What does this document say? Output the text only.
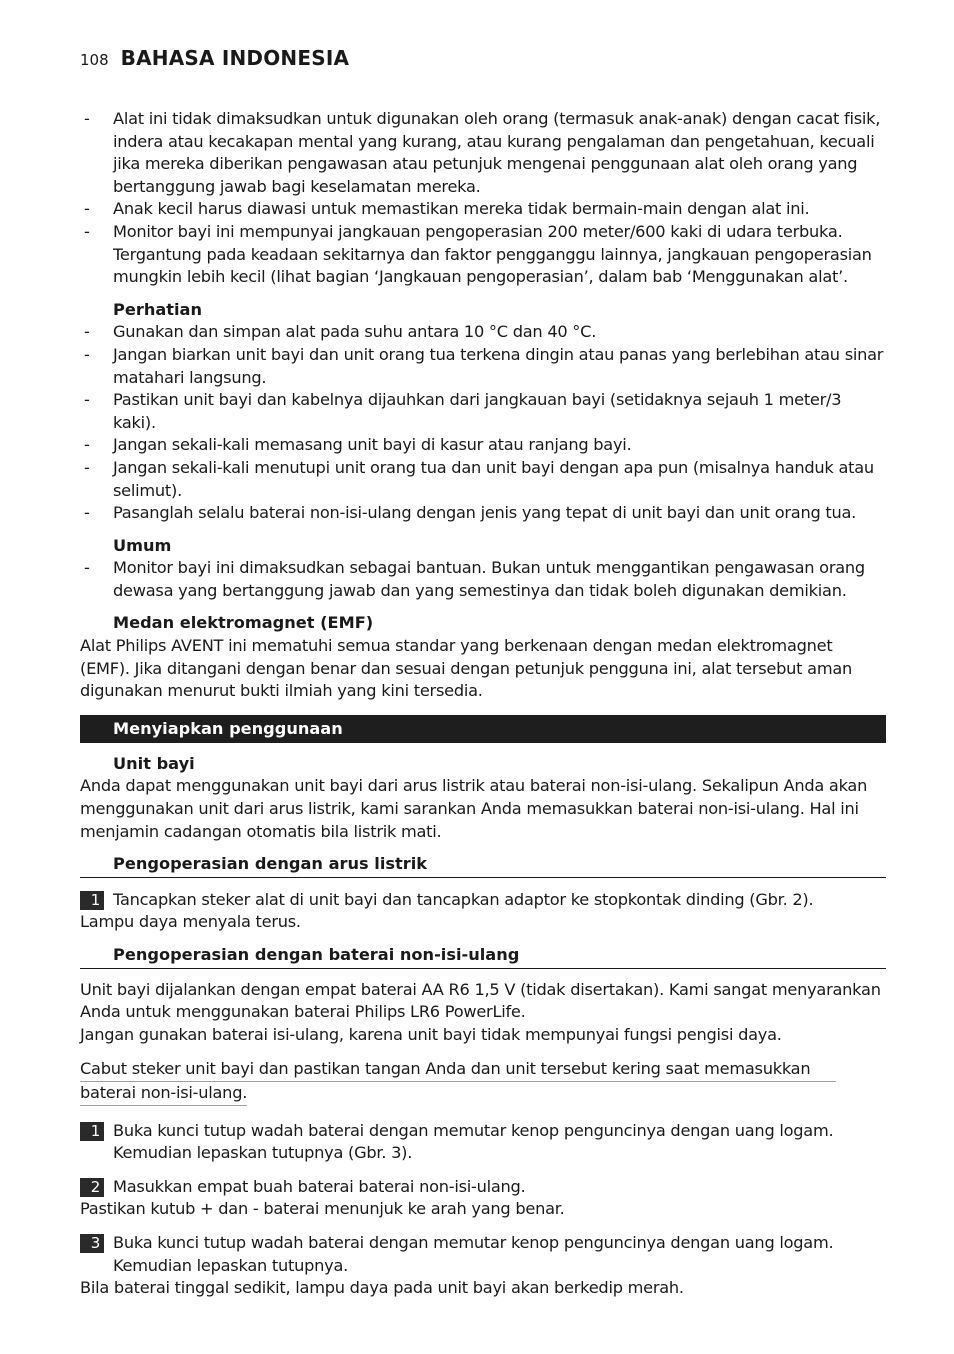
108 BAHASA INDONESIA
-	Alat ini tidak dimaksudkan untuk digunakan oleh orang (termasuk anak-anak) dengan cacat fisik, indera atau kecakapan mental yang kurang, atau kurang pengalaman dan pengetahuan, kecuali jika mereka diberikan pengawasan atau petunjuk mengenai penggunaan alat oleh orang yang bertanggung jawab bagi keselamatan mereka.
-	Anak kecil harus diawasi untuk memastikan mereka tidak bermain-main dengan alat ini.
-	Monitor bayi ini mempunyai jangkauan pengoperasian 200 meter/600 kaki di udara terbuka. Tergantung pada keadaan sekitarnya dan faktor pengganggu lainnya, jangkauan pengoperasian mungkin lebih kecil (lihat bagian ‘Jangkauan pengoperasian’, dalam bab ‘Menggunakan alat’.

Perhatian

-	Gunakan dan simpan alat pada suhu antara 10 °C dan 40 °C.
-	Jangan biarkan unit bayi dan unit orang tua terkena dingin atau panas yang berlebihan atau sinar matahari langsung.
-	Pastikan unit bayi dan kabelnya dijauhkan dari jangkauan bayi (setidaknya sejauh 1 meter/3 kaki).
-	Jangan sekali-kali memasang unit bayi di kasur atau ranjang bayi.
-	Jangan sekali-kali menutupi unit orang tua dan unit bayi dengan apa pun (misalnya handuk atau selimut).
-	Pasanglah selalu baterai non-isi-ulang dengan jenis yang tepat di unit bayi dan unit orang tua.

Umum

-	Monitor bayi ini dimaksudkan sebagai bantuan. Bukan untuk menggantikan pengawasan orang dewasa yang bertanggung jawab dan yang semestinya dan tidak boleh digunakan demikian.

Medan elektromagnet (EMF)

Alat Philips AVENT ini mematuhi semua standar yang berkenaan dengan medan elektromagnet (EMF). Jika ditangani dengan benar dan sesuai dengan petunjuk pengguna ini, alat tersebut aman digunakan menurut bukti ilmiah yang kini tersedia.

Menyiapkan penggunaan

Unit bayi

Anda dapat menggunakan unit bayi dari arus listrik atau baterai non-isi-ulang. Sekalipun Anda akan menggunakan unit dari arus listrik, kami sarankan Anda memasukkan baterai non-isi-ulang. Hal ini menjamin cadangan otomatis bila listrik mati.

Pengoperasian dengan arus listrik
1 Tancapkan steker alat di unit bayi dan tancapkan adaptor ke stopkontak dinding (Gbr. 2).

Lampu daya menyala terus.

Pengoperasian dengan baterai non-isi-ulang

Unit bayi dijalankan dengan empat baterai AA R6 1,5 V (tidak disertakan). Kami sangat menyarankan Anda untuk menggunakan baterai Philips LR6 PowerLife.

Jangan gunakan baterai isi-ulang, karena unit bayi tidak mempunyai fungsi pengisi daya.

Cabut steker unit bayi dan pastikan tangan Anda dan unit tersebut kering saat memasukkan
baterai non-isi-ulang.
1 Buka kunci tutup wadah baterai dengan memutar kenop penguncinya dengan uang logam. Kemudian lepaskan tutupnya (Gbr. 3).
2 Masukkan empat buah baterai baterai non-isi-ulang.

Pastikan kutub + dan - baterai menunjuk ke arah yang benar.

3 Buka kunci tutup wadah baterai dengan memutar kenop penguncinya dengan uang logam. Kemudian lepaskan tutupnya.

Bila baterai tinggal sedikit, lampu daya pada unit bayi akan berkedip merah.
